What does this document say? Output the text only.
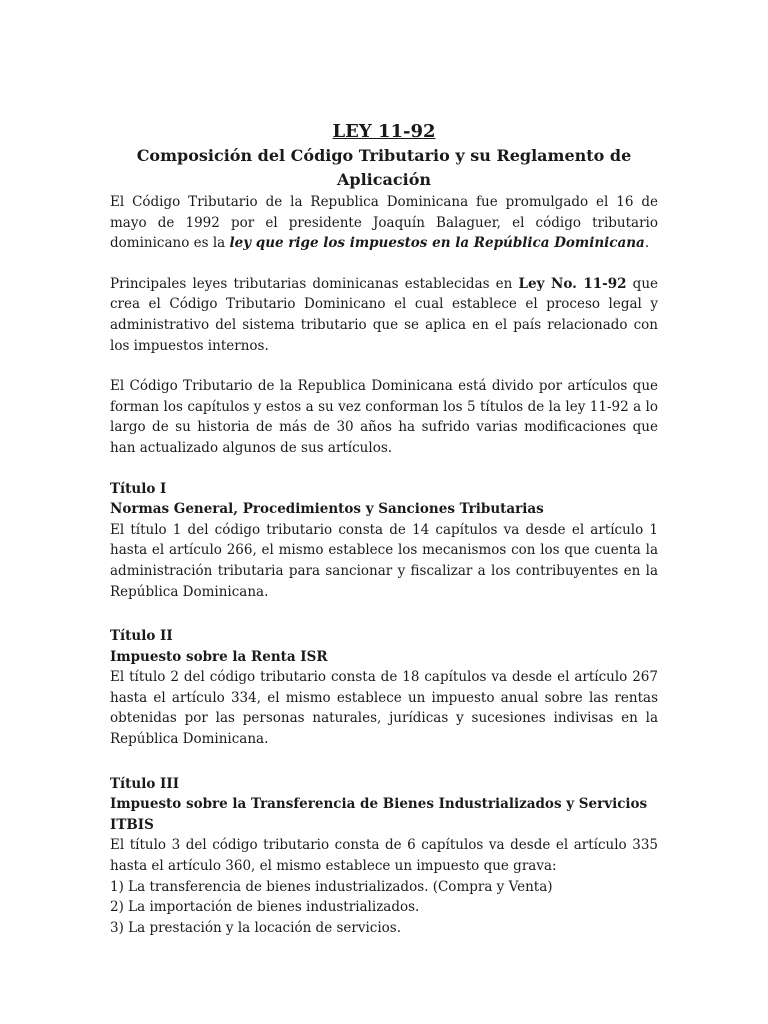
LEY 11-92
Composición del Código Tributario y su Reglamento de Aplicación

El Código Tributario de la Republica Dominicana fue promulgado el 16 de mayo de 1992 por el presidente Joaquín Balaguer, el código tributario dominicano es la ley que rige los impuestos en la República Dominicana.

Principales leyes tributarias dominicanas establecidas en Ley No. 11-92 que crea el Código Tributario Dominicano el cual establece el proceso legal y administrativo del sistema tributario que se aplica en el país relacionado con los impuestos internos.

El Código Tributario de la Republica Dominicana está divido por artículos que forman los capítulos y estos a su vez conforman los 5 títulos de la ley 11-92 a lo largo de su historia de más de 30 años ha sufrido varias modificaciones que han actualizado algunos de sus artículos.

Título I
Normas General, Procedimientos y Sanciones Tributarias

El título 1 del código tributario consta de 14 capítulos va desde el artículo 1 hasta el artículo 266, el mismo establece los mecanismos con los que cuenta la administración tributaria para sancionar y fiscalizar a los contribuyentes en la República Dominicana.

Título II
Impuesto sobre la Renta ISR

El título 2 del código tributario consta de 18 capítulos va desde el artículo 267 hasta el artículo 334, el mismo establece un impuesto anual sobre las rentas obtenidas por las personas naturales, jurídicas y sucesiones indivisas en la República Dominicana.

Título III
Impuesto sobre la Transferencia de Bienes Industrializados y Servicios ITBIS

El título 3 del código tributario consta de 6 capítulos va desde el artículo 335 hasta el artículo 360, el mismo establece un impuesto que grava:

1) La transferencia de bienes industrializados. (Compra y Venta)
2) La importación de bienes industrializados.
3) La prestación y la locación de servicios.
